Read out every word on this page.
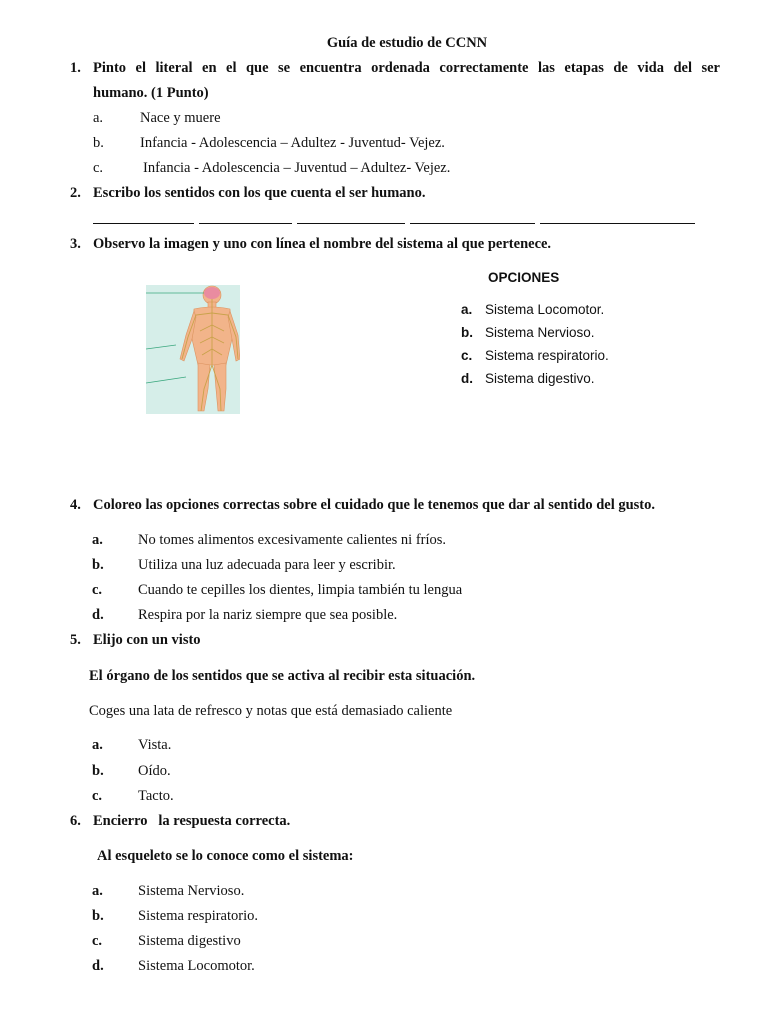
Guía de estudio de CCNN
1. Pinto el literal en el que se encuentra ordenada correctamente las etapas de vida del ser
humano. (1 Punto)
a.	Nace y muere
b. Infancia - Adolescencia – Adultez - Juventud- Vejez.
c.	Infancia - Adolescencia – Juventud – Adultez- Vejez.
2. Escribo los sentidos con los que cuenta el ser humano.
3. Observo la imagen y uno con línea el nombre del sistema al que pertenece.
OPCIONES
a. Sistema Locomotor.
b. Sistema Nervioso.
c. Sistema respiratorio.
d. Sistema digestivo.
4. Coloreo las opciones correctas sobre el cuidado que le tenemos que dar al sentido del gusto.
a. No tomes alimentos excesivamente calientes ni fríos.
b. Utiliza una luz adecuada para leer y escribir.
c. Cuando te cepilles los dientes, limpia también tu lengua
d. Respira por la nariz siempre que sea posible.
5. Elijo con un visto
El órgano de los sentidos que se activa al recibir esta situación.
Coges una lata de refresco y notas que está demasiado caliente
a. Vista.
b. Oído.
c. Tacto.
6. Encierro   la respuesta correcta.
Al esqueleto se lo conoce como el sistema:
a. Sistema Nervioso.
b. Sistema respiratorio.
c. Sistema digestivo
d. Sistema Locomotor.
